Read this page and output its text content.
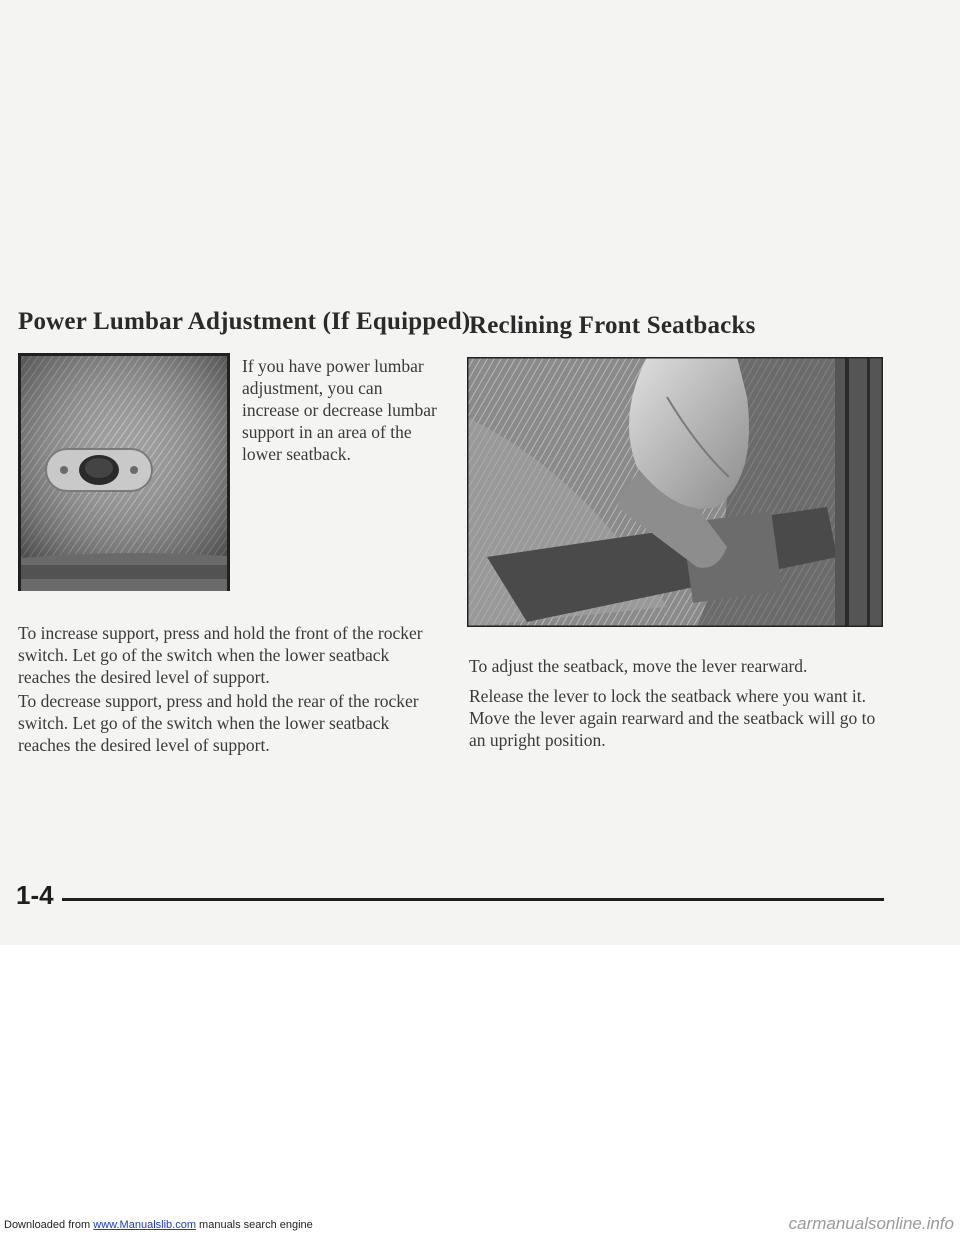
Power Lumbar Adjustment (If Equipped)

If you have power lumbar adjustment, you can increase or decrease lumbar support in an area of the lower seatback.

To increase support, press and hold the front of the rocker switch. Let go of the switch when the lower seatback reaches the desired level of support.

To decrease support, press and hold the rear of the rocker switch. Let go of the switch when the lower seatback reaches the desired level of support.

Reclining Front Seatbacks

To adjust the seatback, move the lever rearward.

Release the lever to lock the seatback where you want it. Move the lever again rearward and the seatback will go to an upright position.

1-4
Downloaded from www.Manualslib.com manuals search engine	carmanualsonline.info
